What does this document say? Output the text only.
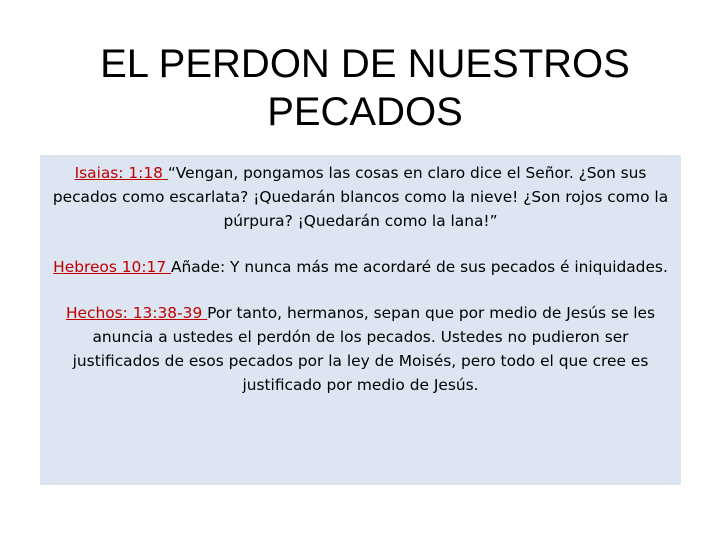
EL PERDON DE NUESTROS
PECADOS

Isaias: 1:18 “Vengan, pongamos las cosas en claro dice el Señor. ¿Son sus pecados como escarlata? ¡Quedarán blancos como la nieve! ¿Son rojos como la púrpura? ¡Quedarán como la lana!”

Hebreos 10:17 Añade: Y nunca más me acordaré de sus pecados é iniquidades.

Hechos: 13:38-39 Por tanto, hermanos, sepan que por medio de Jesús se les anuncia a ustedes el perdón de los pecados. Ustedes no pudieron ser justificados de esos pecados por la ley de Moisés, pero todo el que cree es justificado por medio de Jesús.
